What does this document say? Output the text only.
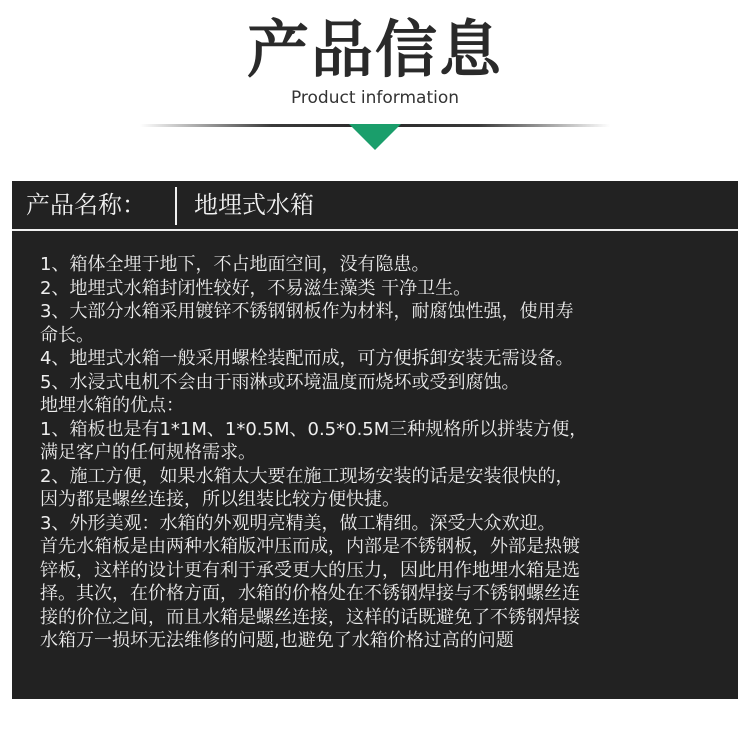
产品信息
Product information
产品名称： 地埋式水箱
1、箱体全埋于地下，不占地面空间，没有隐患。
2、地埋式水箱封闭性较好，不易滋生藻类 干净卫生。
3、大部分水箱采用镀锌不锈钢钢板作为材料，耐腐蚀性强，使用寿
命长。
4、地埋式水箱一般采用螺栓装配而成，可方便拆卸安装无需设备。
5、水浸式电机不会由于雨淋或环境温度而烧坏或受到腐蚀。
地埋水箱的优点：
1、箱板也是有1*1M、1*0.5M、0.5*0.5M三种规格所以拼装方便，
满足客户的任何规格需求。
2、施工方便，如果水箱太大要在施工现场安装的话是安装很快的，
因为都是螺丝连接，所以组装比较方便快捷。
3、外形美观：水箱的外观明亮精美，做工精细。深受大众欢迎。
首先水箱板是由两种水箱版冲压而成，内部是不锈钢板，外部是热镀
锌板，这样的设计更有利于承受更大的压力，因此用作地埋水箱是选
择。其次，在价格方面，水箱的价格处在不锈钢焊接与不锈钢螺丝连
接的价位之间，而且水箱是螺丝连接，这样的话既避免了不锈钢焊接
水箱万一损坏无法维修的问题,也避免了水箱价格过高的问题
